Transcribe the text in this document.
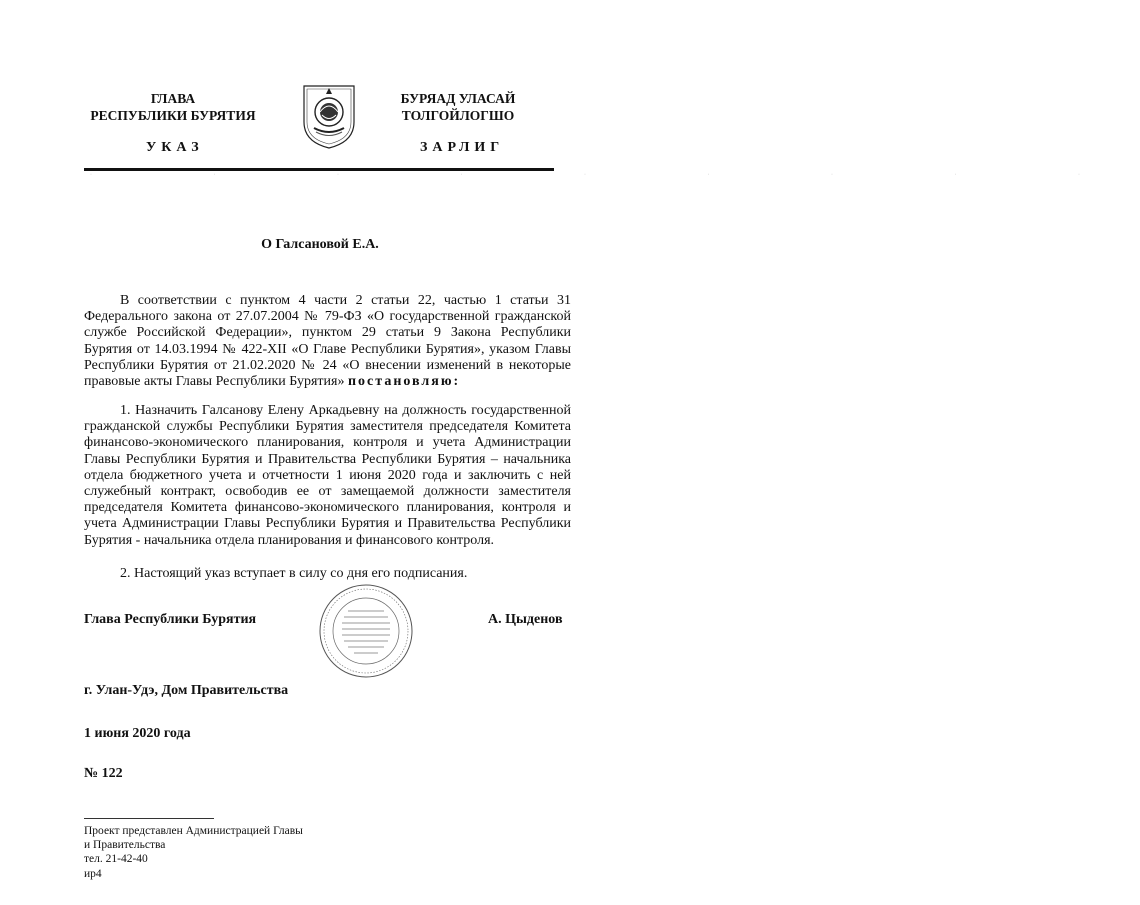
ГЛАВА
РЕСПУБЛИКИ БУРЯТИЯ
БУРЯАД УЛАСАЙ
ТОЛГОЙЛОГШО
УКАЗ	ЗАРЛИГ
· · · · · · · · ·
О Галсановой Е.А.
В соответствии с пунктом 4 части 2 статьи 22, частью 1 статьи 31 Федерального закона от 27.07.2004 № 79-ФЗ «О государственной гражданской службе Российской Федерации», пунктом 29 статьи 9 Закона Республики Бурятия от 14.03.1994 № 422-XII «О Главе Республики Бурятия», указом Главы Республики Бурятия от 21.02.2020 № 24 «О внесении изменений в некоторые правовые акты Главы Республики Бурятия» постановляю:
1. Назначить Галсанову Елену Аркадьевну на должность государственной гражданской службы Республики Бурятия заместителя председателя Комитета финансово-экономического планирования, контроля и учета Администрации Главы Республики Бурятия и Правительства Республики Бурятия – начальника отдела бюджетного учета и отчетности 1 июня 2020 года и заключить с ней служебный контракт, освободив ее от замещаемой должности заместителя председателя Комитета финансово-экономического планирования, контроля и учета Администрации Главы Республики Бурятия и Правительства Республики Бурятия - начальника отдела планирования и финансового контроля.
2. Настоящий указ вступает в силу со дня его подписания.
Глава Республики Бурятия	А. Цыденов
г. Улан-Удэ, Дом Правительства
1 июня 2020 года
№ 122
Проект представлен Администрацией Главы
и Правительства
тел. 21-42-40
ир4
